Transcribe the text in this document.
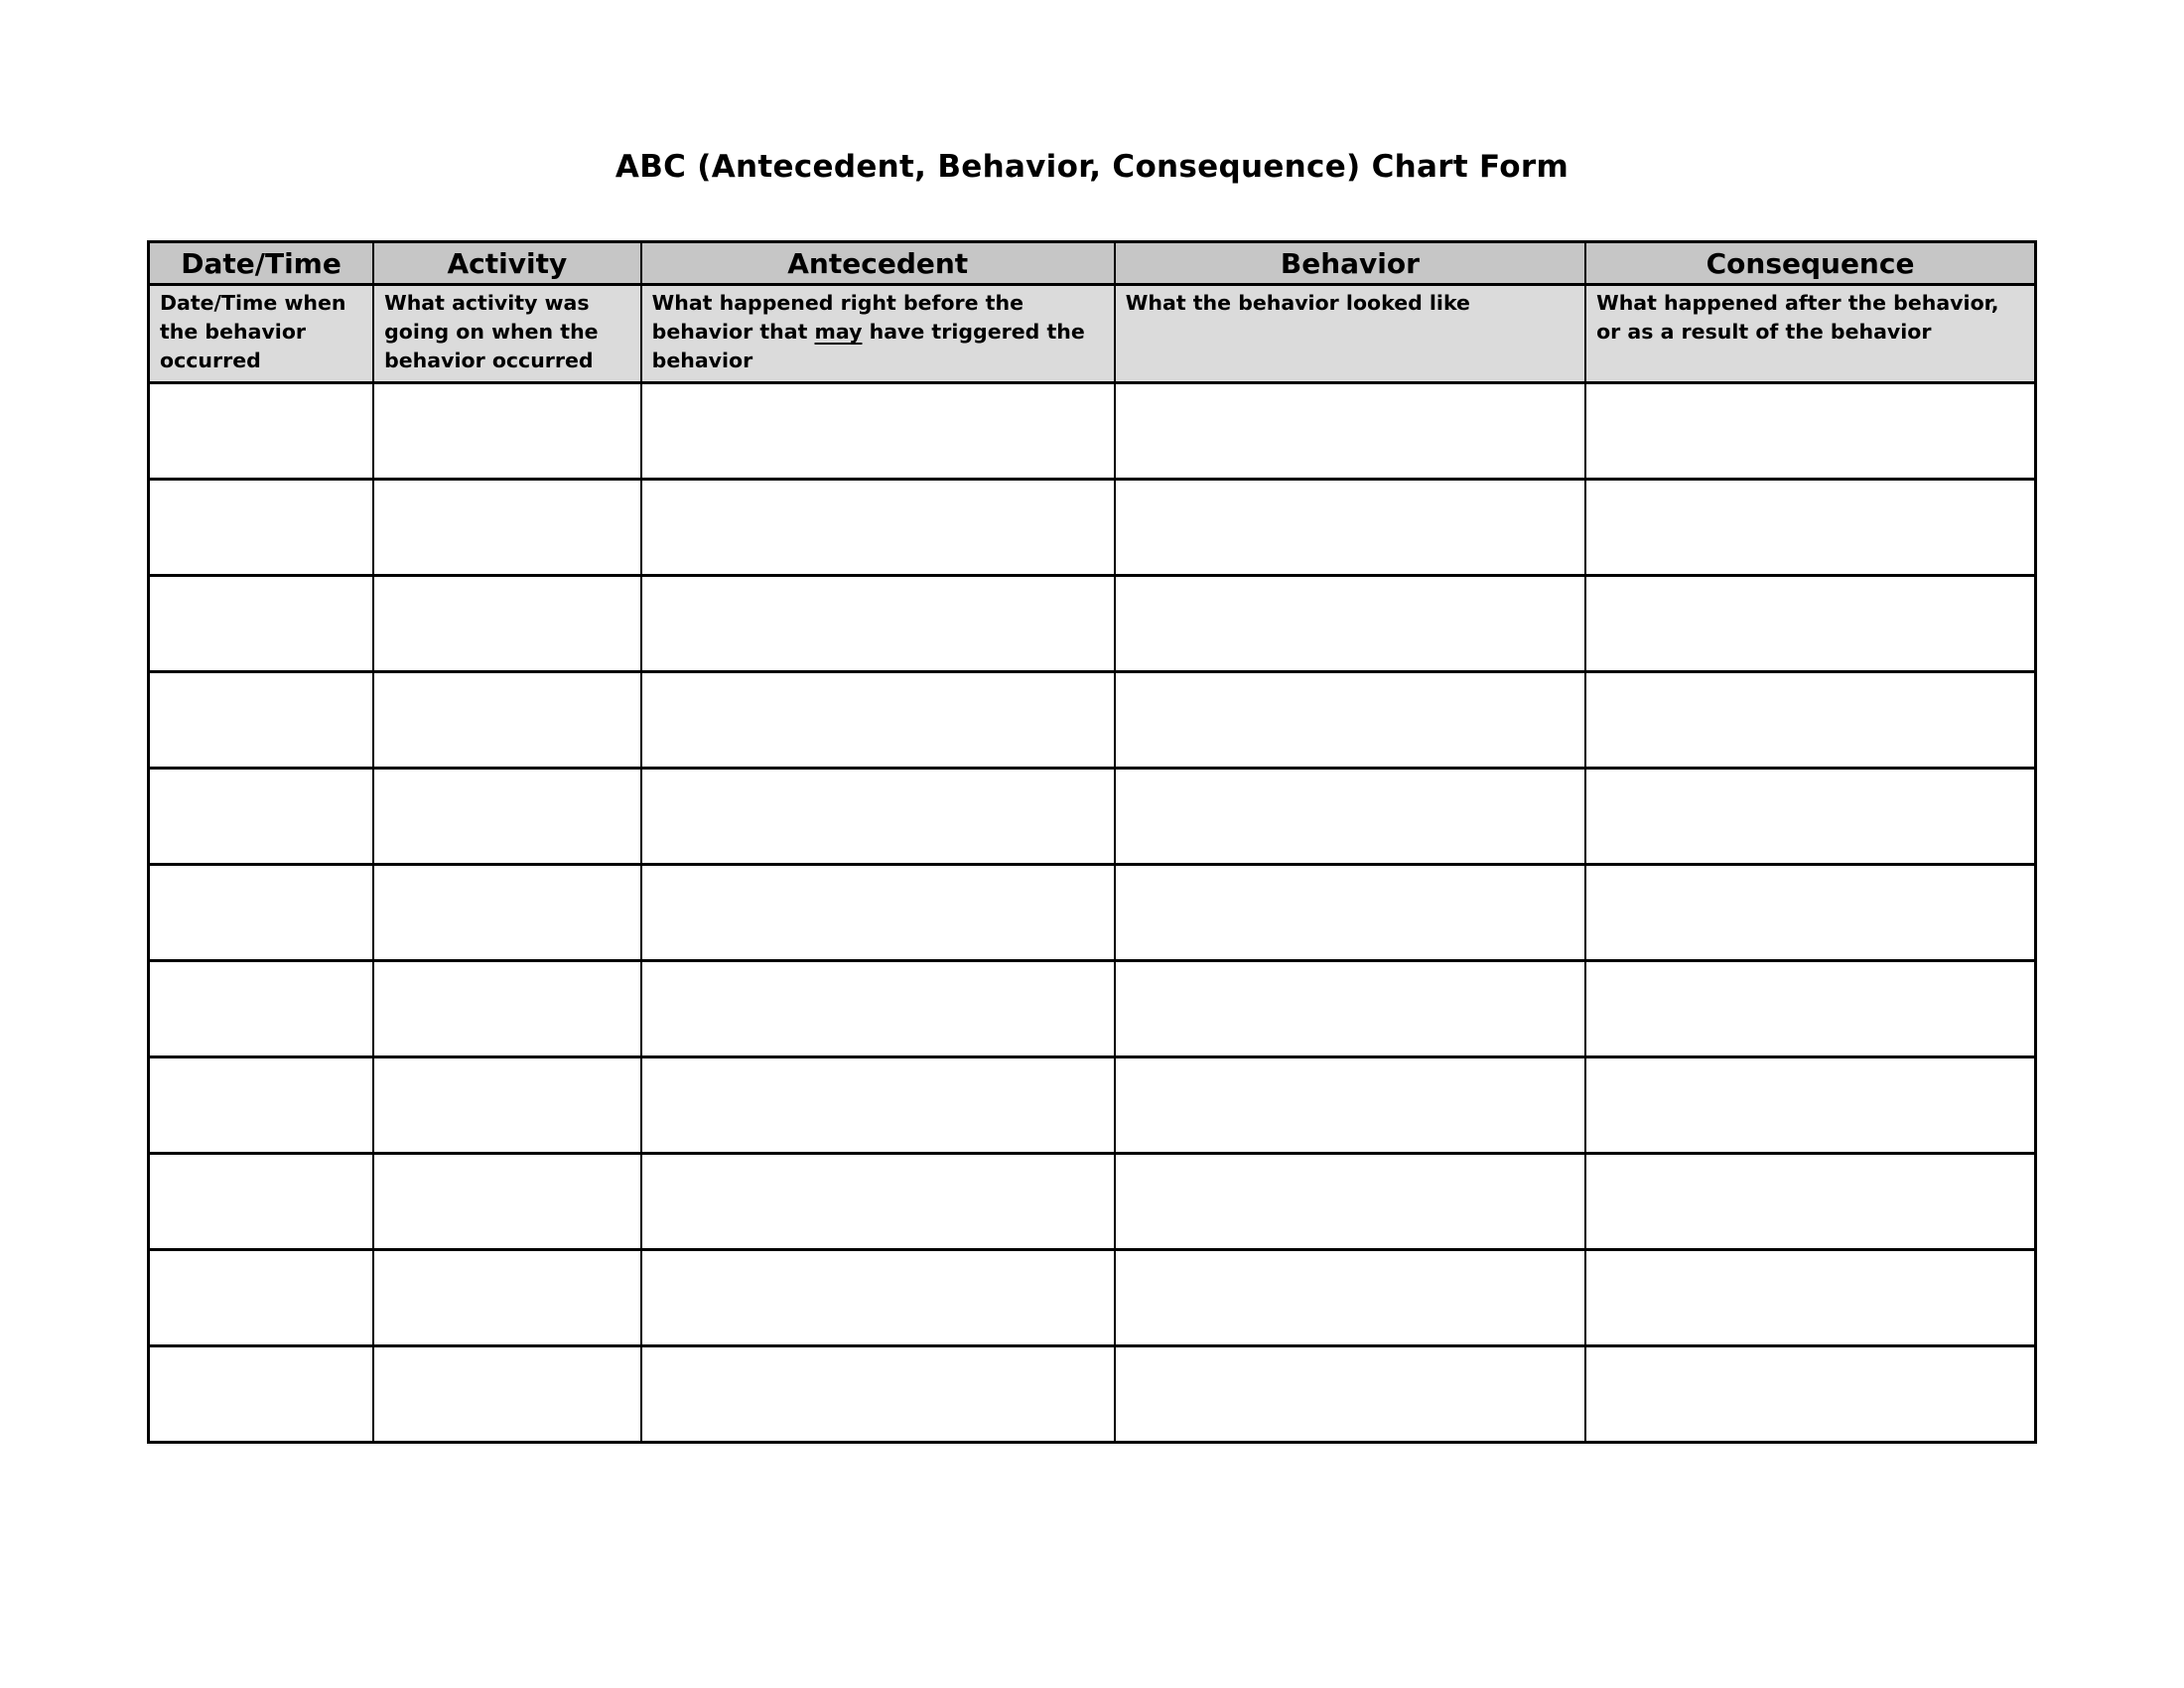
ABC (Antecedent, Behavior, Consequence) Chart Form
Date/Time	Activity	Antecedent	Behavior	Consequence
Date/Time when the behavior occurred	What activity was going on when the behavior occurred	What happened right before the behavior that may have triggered the behavior	What the behavior looked like	What happened after the behavior, or as a result of the behavior
